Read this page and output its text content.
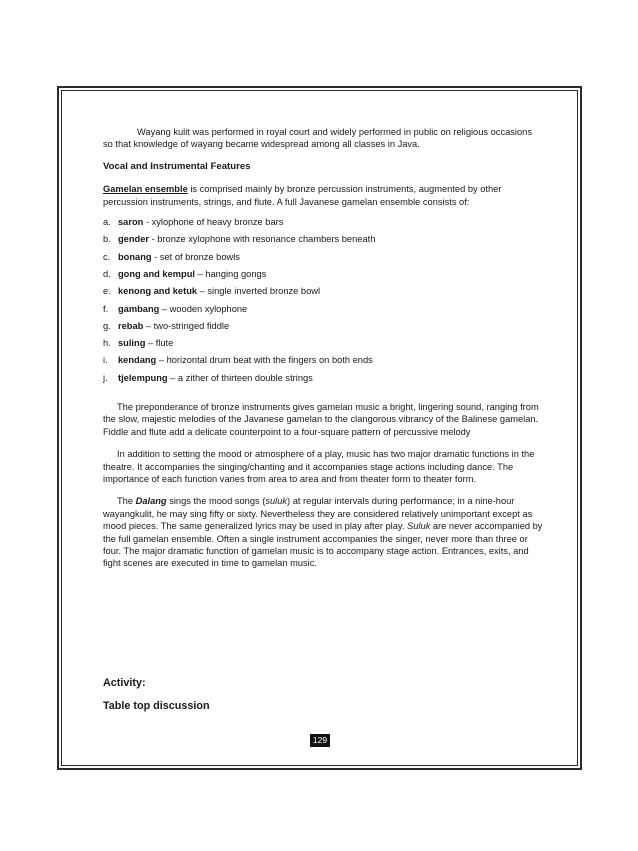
Wayang kulit was performed in royal court and widely performed in public on religious occasions so that knowledge of wayang became widespread among all classes in Java.

Vocal and Instrumental Features

Gamelan ensemble is comprised mainly by bronze percussion instruments, augmented by other percussion instruments, strings, and flute. A full Javanese gamelan ensemble consists of:

a. saron - xylophone of heavy bronze bars
b. gender - bronze xylophone with resonance chambers beneath
c. bonang - set of bronze bowls
d. gong and kempul – hanging gongs
e. kenong and ketuk – single inverted bronze bowl
f.	gambang – wooden xylophone
g. rebab – two-stringed fiddle
h. suling – flute
i.	kendang – horizontal drum beat with the fingers on both ends
j.	tjelempung – a zither of thirteen double strings

The preponderance of bronze instruments gives gamelan music a bright, lingering sound, ranging from the slow, majestic melodies of the Javanese gamelan to the clangorous vibrancy of the Balinese gamelan. Fiddle and flute add a delicate counterpoint to a four-square pattern of percussive melody

In addition to setting the mood or atmosphere of a play, music has two major dramatic functions in the theatre. It accompanies the singing/chanting and it accompanies stage actions including dance. The importance of each function varies from area to area and from theater form to theater form.

The Dalang sings the mood songs (suluk) at regular intervals during performance; in a nine-hour wayangkulit, he may sing fifty or sixty. Nevertheless they are considered relatively unimportant except as mood pieces. The same generalized lyrics may be used in play after play. Suluk are never accompanied by the full gamelan ensemble. Often a single instrument accompanies the singer, never more than three or four. The major dramatic function of gamelan music is to accompany stage action. Entrances, exits, and fight scenes are executed in time to gamelan music.

Activity:
Table top discussion
129
